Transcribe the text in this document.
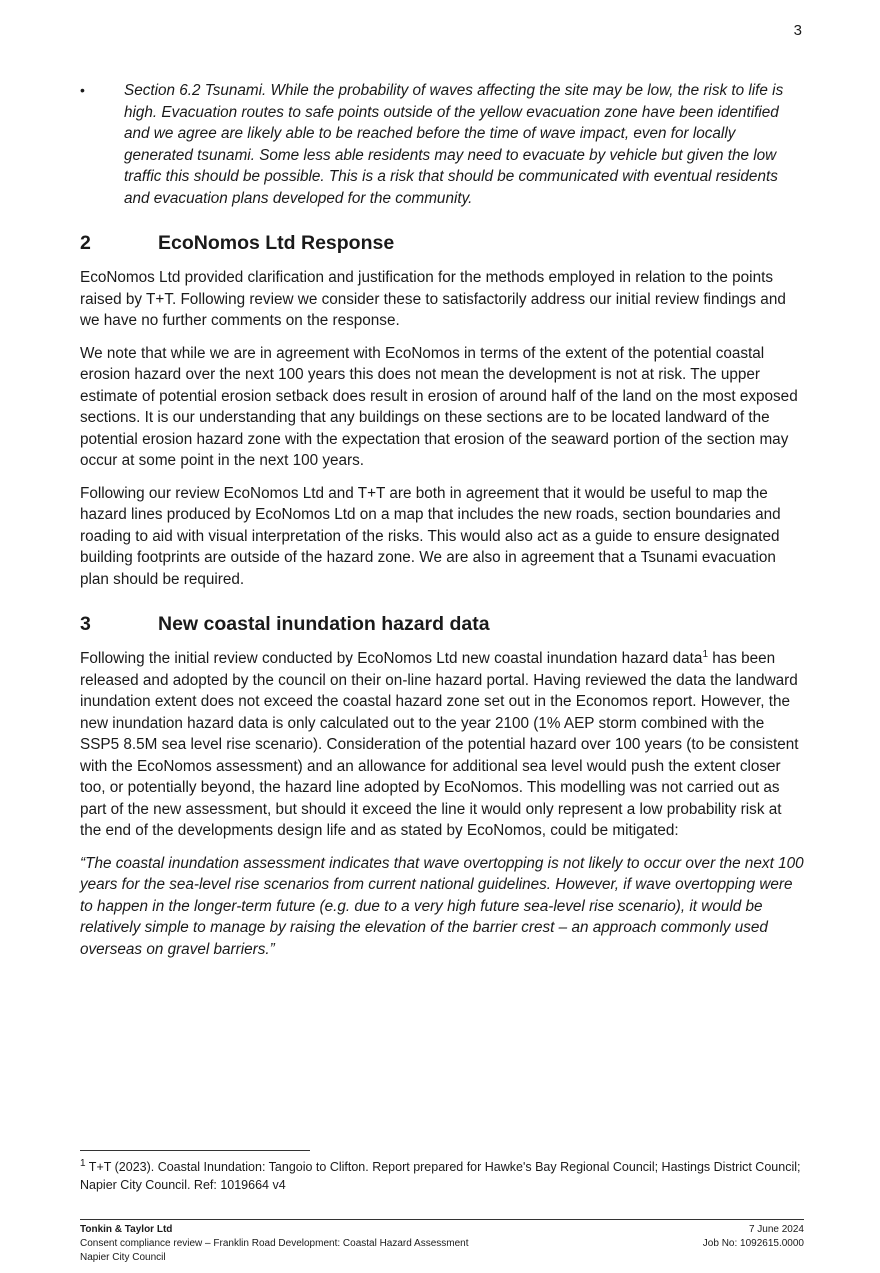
3
•	Section 6.2 Tsunami. While the probability of waves affecting the site may be low, the risk to life is high. Evacuation routes to safe points outside of the yellow evacuation zone have been identified and we agree are likely able to be reached before the time of wave impact, even for locally generated tsunami. Some less able residents may need to evacuate by vehicle but given the low traffic this should be possible. This is a risk that should be communicated with eventual residents and evacuation plans developed for the community.
2	EcoNomos Ltd Response

EcoNomos Ltd provided clarification and justification for the methods employed in relation to the points raised by T+T. Following review we consider these to satisfactorily address our initial review findings and we have no further comments on the response.

We note that while we are in agreement with EcoNomos in terms of the extent of the potential coastal erosion hazard over the next 100 years this does not mean the development is not at risk. The upper estimate of potential erosion setback does result in erosion of around half of the land on the most exposed sections. It is our understanding that any buildings on these sections are to be located landward of the potential erosion hazard zone with the expectation that erosion of the seaward portion of the section may occur at some point in the next 100 years.

Following our review EcoNomos Ltd and T+T are both in agreement that it would be useful to map the hazard lines produced by EcoNomos Ltd on a map that includes the new roads, section boundaries and roading to aid with visual interpretation of the risks. This would also act as a guide to ensure designated building footprints are outside of the hazard zone. We are also in agreement that a Tsunami evacuation plan should be required.

3	New coastal inundation hazard data

Following the initial review conducted by EcoNomos Ltd new coastal inundation hazard data$^1$ has been released and adopted by the council on their on-line hazard portal. Having reviewed the data the landward inundation extent does not exceed the coastal hazard zone set out in the Economos report. However, the new inundation hazard data is only calculated out to the year 2100 (1% AEP storm combined with the SSP5 8.5M sea level rise scenario). Consideration of the potential hazard over 100 years (to be consistent with the EcoNomos assessment) and an allowance for additional sea level would push the extent closer too, or potentially beyond, the hazard line adopted by EcoNomos. This modelling was not carried out as part of the new assessment, but should it exceed the line it would only represent a low probability risk at the end of the developments design life and as stated by EcoNomos, could be mitigated:

“The coastal inundation assessment indicates that wave overtopping is not likely to occur over the next 100 years for the sea-level rise scenarios from current national guidelines. However, if wave overtopping were to happen in the longer-term future (e.g. due to a very high future sea-level rise scenario), it would be relatively simple to manage by raising the elevation of the barrier crest – an approach commonly used overseas on gravel barriers.”

$^1$ T+T (2023). Coastal Inundation: Tangoio to Clifton. Report prepared for Hawke's Bay Regional Council; Hastings District Council; Napier City Council. Ref: 1019664 v4
Tonkin & Taylor Ltd
Consent compliance review – Franklin Road Development: Coastal Hazard Assessment
Napier City Council
7 June 2024
Job No: 1092615.0000
